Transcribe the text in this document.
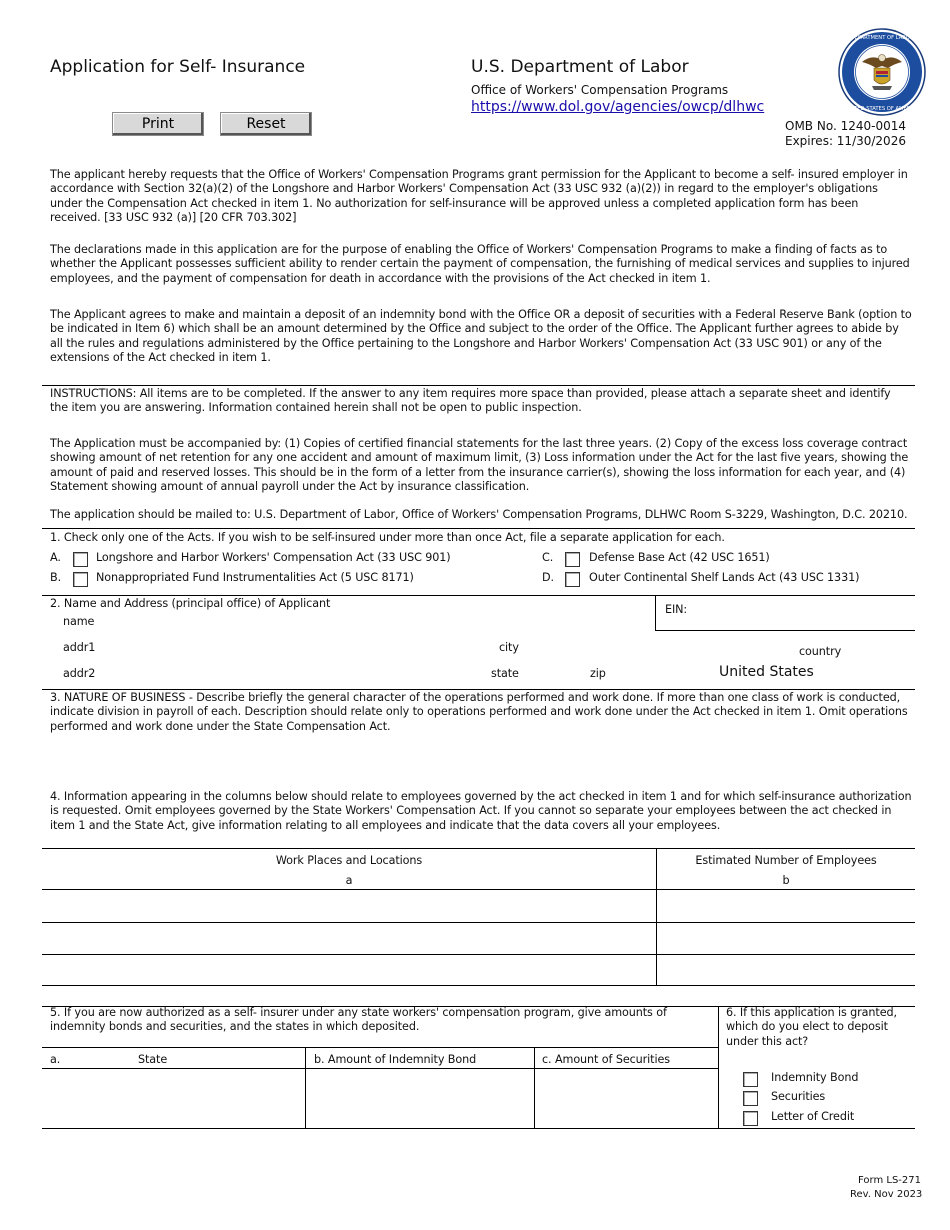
Application for Self- Insurance	U.S. Department of Labor
Office of Workers' Compensation Programs
https://www.dol.gov/agencies/owcp/dlhwc
DEPARTMENT OF LABOR
UNITED STATES OF AMERICA
Print	Reset	OMB No. 1240-0014
Expires: 11/30/2026
The applicant hereby requests that the Office of Workers' Compensation Programs grant permission for the Applicant to become a self- insured employer in accordance with Section 32(a)(2) of the Longshore and Harbor Workers' Compensation Act (33 USC 932 (a)(2)) in regard to the employer's obligations under the Compensation Act checked in item 1. No authorization for self-insurance will be approved unless a completed application form has been received. [33 USC 932 (a)] [20 CFR 703.302]
The declarations made in this application are for the purpose of enabling the Office of Workers' Compensation Programs to make a finding of facts as to whether the Applicant possesses sufficient ability to render certain the payment of compensation, the furnishing of medical services and supplies to injured employees, and the payment of compensation for death in accordance with the provisions of the Act checked in item 1.
The Applicant agrees to make and maintain a deposit of an indemnity bond with the Office OR a deposit of securities with a Federal Reserve Bank (option to be indicated in Item 6) which shall be an amount determined by the Office and subject to the order of the Office. The Applicant further agrees to abide by all the rules and regulations administered by the Office pertaining to the Longshore and Harbor Workers' Compensation Act (33 USC 901) or any of the extensions of the Act checked in item 1.
INSTRUCTIONS: All items are to be completed. If the answer to any item requires more space than provided, please attach a separate sheet and identify the item you are answering. Information contained herein shall not be open to public inspection.
The Application must be accompanied by: (1) Copies of certified financial statements for the last three years. (2) Copy of the excess loss coverage contract showing amount of net retention for any one accident and amount of maximum limit, (3) Loss information under the Act for the last five years, showing the amount of paid and reserved losses. This should be in the form of a letter from the insurance carrier(s), showing the loss information for each year, and (4) Statement showing amount of annual payroll under the Act by insurance classification.
The application should be mailed to: U.S. Department of Labor, Office of Workers' Compensation Programs, DLHWC Room S-3229, Washington, D.C. 20210.
1. Check only one of the Acts. If you wish to be self-insured under more than once Act, file a separate application for each.
A.	Longshore and Harbor Workers' Compensation Act (33 USC 901)
B.	Nonappropriated Fund Instrumentalities Act (5 USC 8171)
C.	Defense Base Act (42 USC 1651)
D.	Outer Continental Shelf Lands Act (43 USC 1331)
2. Name and Address (principal office) of Applicant	EIN:
name
addr1	city	country
addr2	state	zip	United States
3. NATURE OF BUSINESS - Describe briefly the general character of the operations performed and work done. If more than one class of work is conducted, indicate division in payroll of each. Description should relate only to operations performed and work done under the Act checked in item 1. Omit operations performed and work done under the State Compensation Act.
4. Information appearing in the columns below should relate to employees governed by the act checked in item 1 and for which self-insurance authorization is requested. Omit employees governed by the State Workers' Compensation Act. If you cannot so separate your employees between the act checked in item 1 and the State Act, give information relating to all employees and indicate that the data covers all your employees.
Work Places and Locations
a
Estimated Number of Employees
b
5. If you are now authorized as a self- insurer under any state workers' compensation program, give amounts of indemnity bonds and securities, and the states in which deposited.
a.	State	b. Amount of Indemnity Bond	c. Amount of Securities
6. If this application is granted, which do you elect to deposit under this act?
Indemnity Bond
Securities
Letter of Credit
Form LS-271
Rev. Nov 2023
